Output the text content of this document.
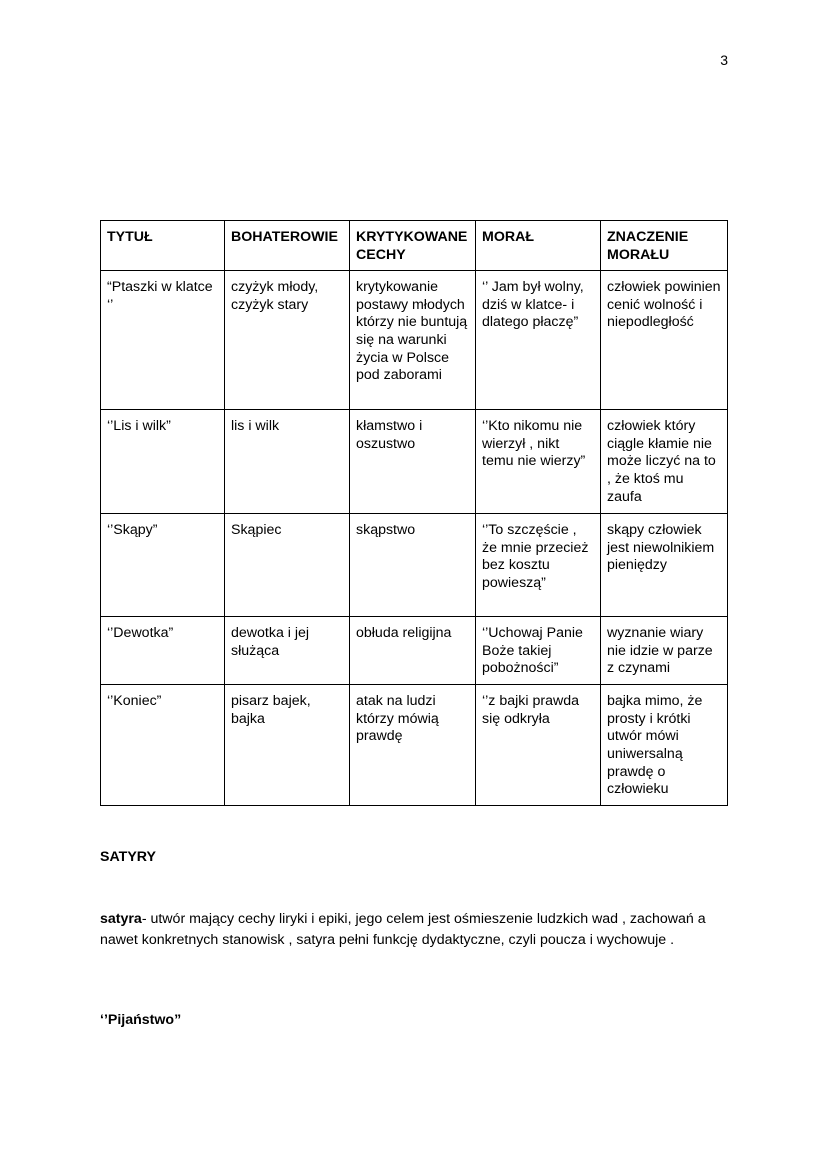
3
TYTUŁ	BOHATEROWIE	KRYTYKOWANE CECHY	MORAŁ	ZNACZENIE MORAŁU
“Ptaszki w klatce ‘’	czyżyk młody, czyżyk stary	krytykowanie postawy młodych którzy nie buntują się na warunki życia w Polsce pod zaborami	‘’ Jam był wolny, dziś w klatce- i dlatego płaczę”	człowiek powinien cenić wolność i niepodległość
‘’Lis i wilk”	lis i wilk	kłamstwo i oszustwo	‘’Kto nikomu nie wierzył , nikt temu nie wierzy”	człowiek który ciągle kłamie nie może liczyć na to , że ktoś mu zaufa
‘’Skąpy”	Skąpiec	skąpstwo	‘’To szczęście , że mnie przecież bez kosztu powieszą”	skąpy człowiek jest niewolnikiem pieniędzy
‘’Dewotka”	dewotka i jej służąca	obłuda religijna	‘’Uchowaj Panie Boże takiej pobożności”	wyznanie wiary nie idzie w parze z czynami
‘’Koniec”	pisarz bajek, bajka	atak na ludzi którzy mówią prawdę	‘’z bajki prawda się odkryła	bajka mimo, że prosty i krótki utwór mówi uniwersalną prawdę o człowieku
SATYRY

satyra- utwór mający cechy liryki i epiki, jego celem jest ośmieszenie ludzkich wad , zachowań a nawet konkretnych stanowisk , satyra pełni funkcję dydaktyczne, czyli poucza i wychowuje .

‘’Pijaństwo”
